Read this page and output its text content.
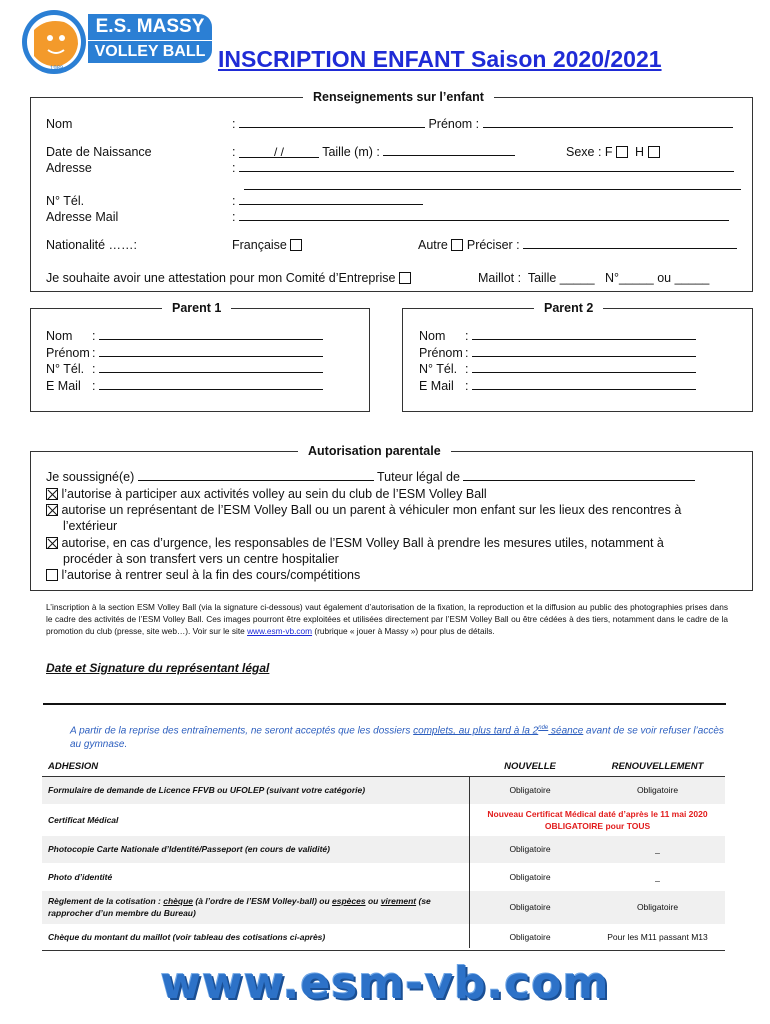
E.S. MASSY
VOLLEY BALL
1988	INSCRIPTION ENFANT Saison 2020/2021
Renseignements sur l’enfant
Nom	:	Prénom :
Date de Naissance	:	/ /	Taille (m) :	Sexe : F H
Adresse	:
N° Tél.	:
Adresse Mail	:
Nationalité ……:	Française	Autre Préciser :
Je souhaite avoir une attestation pour mon Comité d’Entreprise	Maillot : Taille _____ N°_____ ou _____
Parent 1
Nom :
Prénom :
N° Tél. :
E Mail :
Parent 2
Nom :
Prénom :
N° Tél. :
E Mail :
Autorisation parentale
Je soussigné(e)	Tuteur légal de
l’autorise à participer aux activités volley au sein du club de l’ESM Volley Ball
autorise un représentant de l’ESM Volley Ball ou un parent à véhiculer mon enfant sur les lieux des rencontres à
l’extérieur
autorise, en cas d’urgence, les responsables de l’ESM Volley Ball à prendre les mesures utiles, notamment à
procéder à son transfert vers un centre hospitalier
l’autorise à rentrer seul à la fin des cours/compétitions
L’inscription à la section ESM Volley Ball (via la signature ci-dessous) vaut également d’autorisation de la fixation, la reproduction et la diffusion au public des photographies prises dans le cadre des activités de l’ESM Volley Ball. Ces images pourront être exploitées et utilisées directement par l’ESM Volley Ball ou être cédées à des tiers, notamment dans le cadre de la promotion du club (presse, site web…). Voir sur le site www.esm-vb.com (rubrique « jouer à Massy ») pour plus de détails.
Date et Signature du représentant légal
A partir de la reprise des entraînements, ne seront acceptés que les dossiers complets, au plus tard à la 2nde séance avant de se voir refuser l’accès au gymnase.
ADHESION	NOUVELLE	RENOUVELLEMENT
Formulaire de demande de Licence FFVB ou UFOLEP (suivant votre catégorie)	Obligatoire	Obligatoire
Certificat Médical	Nouveau Certificat Médical daté d’après le 11 mai 2020
OBLIGATOIRE pour TOUS	

Photocopie Carte Nationale d’Identité/Passeport (en cours de validité)	Obligatoire	_
Photo d’identité	Obligatoire	_
Règlement de la cotisation : chèque (à l’ordre de l’ESM Volley-ball) ou espèces ou virement (se rapprocher d’un membre du Bureau)	Obligatoire	Obligatoire
Chèque du montant du maillot (voir tableau des cotisations ci-après)	Obligatoire	Pour les M11 passant M13
www.esm-vb.com
